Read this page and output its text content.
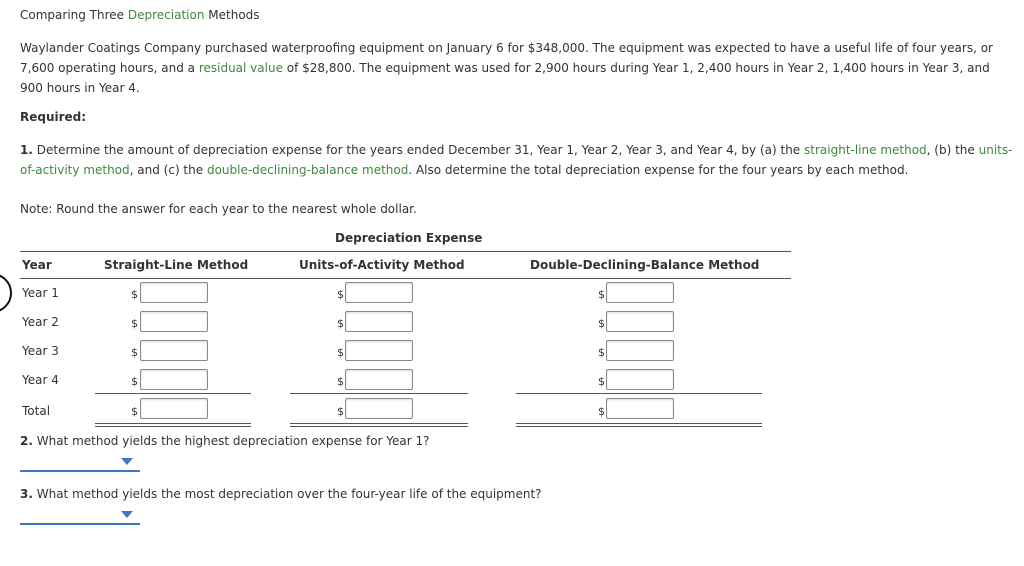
Comparing Three Depreciation Methods
Waylander Coatings Company purchased waterproofing equipment on January 6 for $348,000. The equipment was expected to have a useful life of four years, or 7,600 operating hours, and a residual value of $28,800. The equipment was used for 2,900 hours during Year 1, 2,400 hours in Year 2, 1,400 hours in Year 3, and 900 hours in Year 4.
Required:
1. Determine the amount of depreciation expense for the years ended December 31, Year 1, Year 2, Year 3, and Year 4, by (a) the straight-line method, (b) the units-of-activity method, and (c) the double-declining-balance method. Also determine the total depreciation expense for the four years by each method.
Note: Round the answer for each year to the nearest whole dollar.
Depreciation Expense
Year	Straight-Line Method	Units-of-Activity Method	Double-Declining-Balance Method
Year 1	$	$	$
Year 2	$	$	$
Year 3	$	$	$
Year 4	$	$	$
Total	$	$	$
2. What method yields the highest depreciation expense for Year 1?
3. What method yields the most depreciation over the four-year life of the equipment?
